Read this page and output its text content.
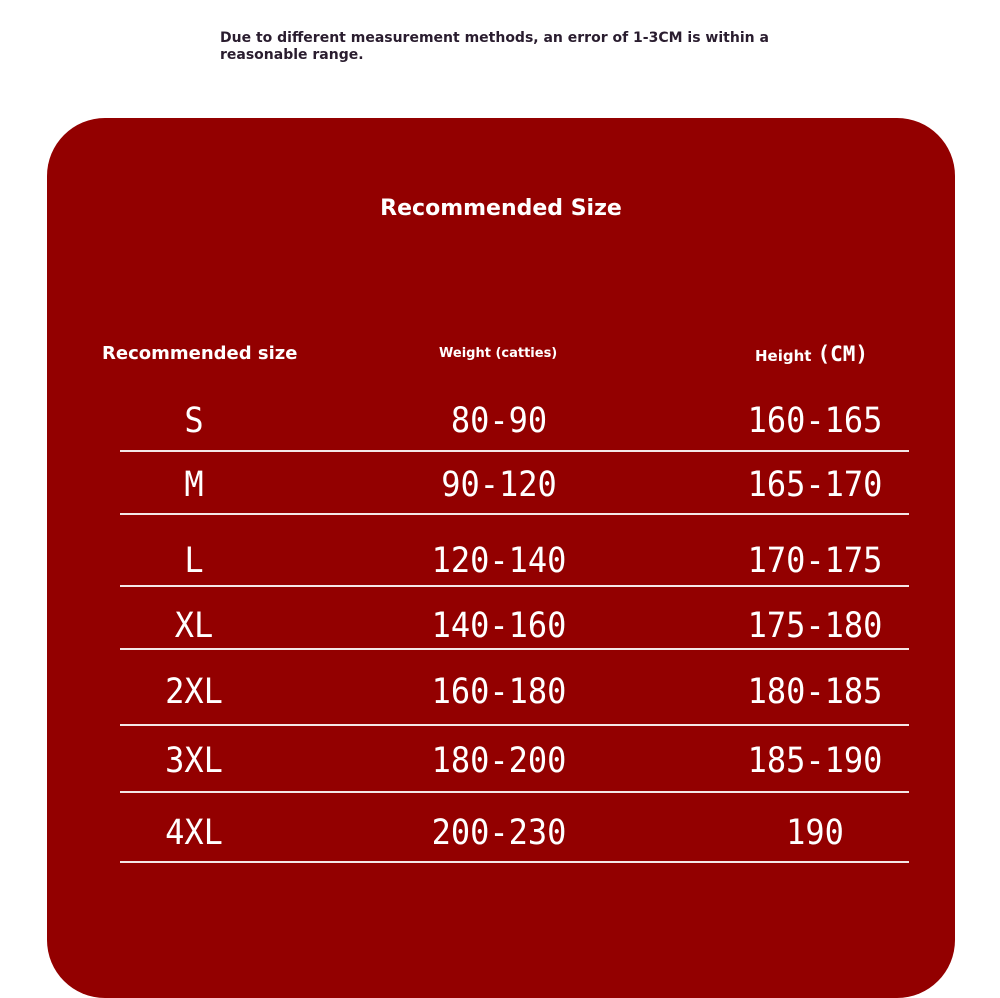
Due to different measurement methods, an error of 1-3CM is within a reasonable range.
Recommended Size
Recommended size	Weight (catties)	Height (CM)
S	80-90	160-165
M	90-120	165-170
L	120-140	170-175
XL	140-160	175-180
2XL	160-180	180-185
3XL	180-200	185-190
4XL	200-230	190
